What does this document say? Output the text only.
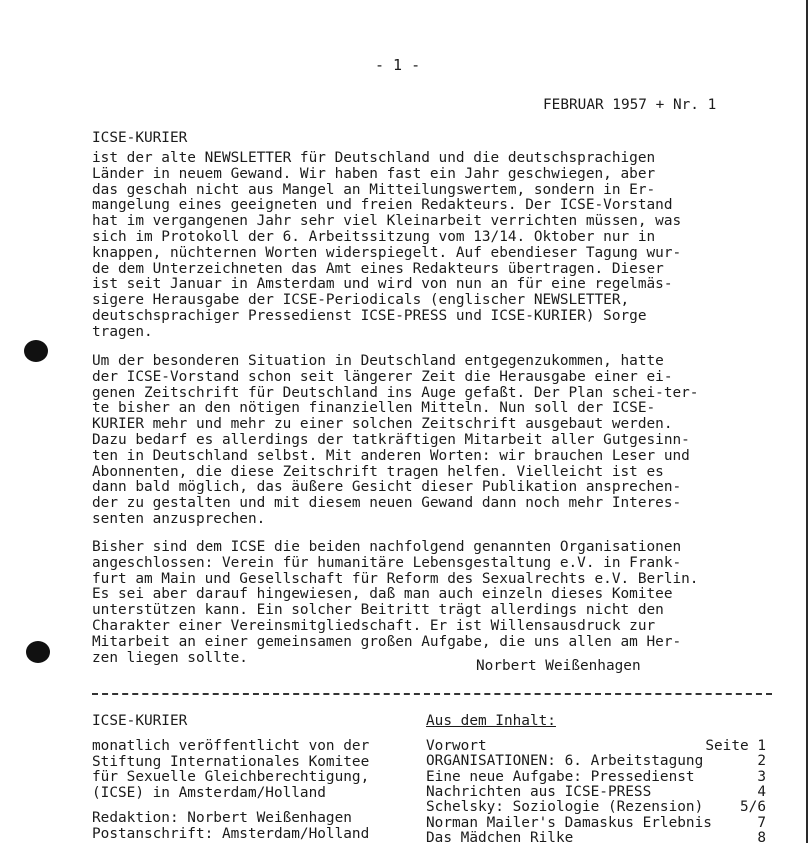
- 1 -
FEBRUAR 1957 + Nr. 1
ICSE-KURIER
ist der alte NEWSLETTER für Deutschland und die deutschsprachigen
Länder in neuem Gewand. Wir haben fast ein Jahr geschwiegen, aber
das geschah nicht aus Mangel an Mitteilungswertem, sondern in Er-
mangelung eines geeigneten und freien Redakteurs. Der ICSE-Vorstand
hat im vergangenen Jahr sehr viel Kleinarbeit verrichten müssen, was
sich im Protokoll der 6. Arbeitssitzung vom 13/14. Oktober nur in
knappen, nüchternen Worten widerspiegelt. Auf ebendieser Tagung wur-
de dem Unterzeichneten das Amt eines Redakteurs übertragen. Dieser
ist seit Januar in Amsterdam und wird von nun an für eine regelmäs-
sigere Herausgabe der ICSE-Periodicals (englischer NEWSLETTER,
deutschsprachiger Pressedienst ICSE-PRESS und ICSE-KURIER) Sorge
tragen.
Um der besonderen Situation in Deutschland entgegenzukommen, hatte
der ICSE-Vorstand schon seit längerer Zeit die Herausgabe einer ei-
genen Zeitschrift für Deutschland ins Auge gefaßt. Der Plan schei-ter-
te bisher an den nötigen finanziellen Mitteln. Nun soll der ICSE-
KURIER mehr und mehr zu einer solchen Zeitschrift ausgebaut werden.
Dazu bedarf es allerdings der tatkräftigen Mitarbeit aller Gutgesinn-
ten in Deutschland selbst. Mit anderen Worten: wir brauchen Leser und
Abonnenten, die diese Zeitschrift tragen helfen. Vielleicht ist es
dann bald möglich, das äußere Gesicht dieser Publikation ansprechen-
der zu gestalten und mit diesem neuen Gewand dann noch mehr Interes-
senten anzusprechen.
Bisher sind dem ICSE die beiden nachfolgend genannten Organisationen
angeschlossen: Verein für humanitäre Lebensgestaltung e.V. in Frank-
furt am Main und Gesellschaft für Reform des Sexualrechts e.V. Berlin.
Es sei aber darauf hingewiesen, daß man auch einzeln dieses Komitee
unterstützen kann. Ein solcher Beitritt trägt allerdings nicht den
Charakter einer Vereinsmitgliedschaft. Er ist Willensausdruck zur
Mitarbeit an einer gemeinsamen großen Aufgabe, die uns allen am Her-
zen liegen sollte.
Norbert Weißenhagen
ICSE-KURIER
monatlich veröffentlicht von der
Stiftung Internationales Komitee
für Sexuelle Gleichberechtigung,
(ICSE) in Amsterdam/Holland
Redaktion: Norbert Weißenhagen
Postanschrift: Amsterdam/Holland
Aus dem Inhalt:
Vorwort	Seite 1
ORGANISATIONEN: 6. Arbeitstagung	2
Eine neue Aufgabe: Pressedienst	3
Nachrichten aus ICSE-PRESS	4
Schelsky: Soziologie (Rezension)	5/6
Norman Mailer's Damaskus Erlebnis	7
Das Mädchen Rilke	8
